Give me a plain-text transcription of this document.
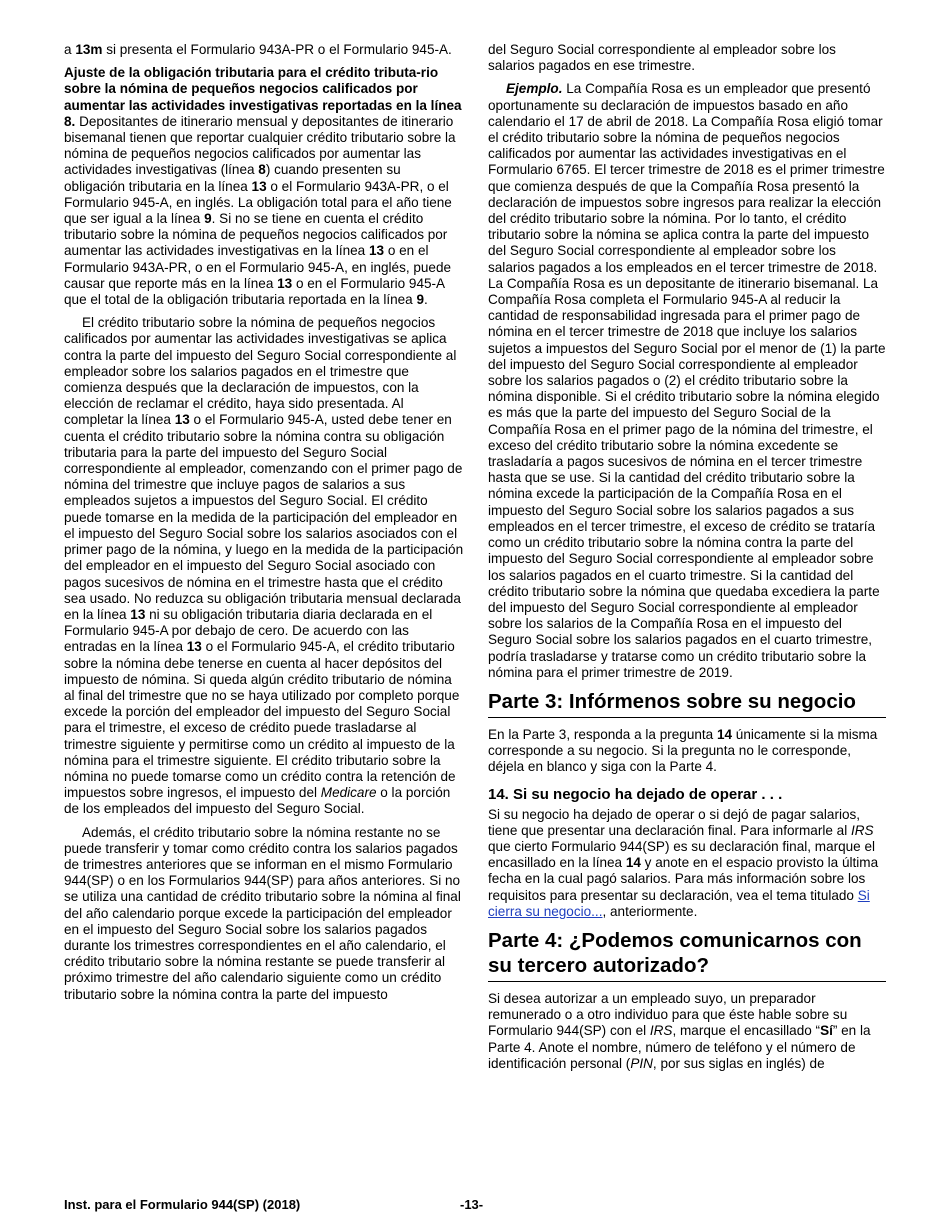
a 13m si presenta el Formulario 943A-PR o el Formulario 945-A.

Ajuste de la obligación tributaria para el crédito tributa-rio sobre la nómina de pequeños negocios calificados por aumentar las actividades investigativas reportadas en la línea 8. Depositantes de itinerario mensual y depositantes de itinerario bisemanal tienen que reportar cualquier crédito tributario sobre la nómina de pequeños negocios calificados por aumentar las actividades investigativas (línea 8) cuando presenten su obligación tributaria en la línea 13 o el Formulario 943A-PR, o el Formulario 945-A, en inglés. La obligación total para el año tiene que ser igual a la línea 9. Si no se tiene en cuenta el crédito tributario sobre la nómina de pequeños negocios calificados por aumentar las actividades investigativas en la línea 13 o en el Formulario 943A-PR, o en el Formulario 945-A, en inglés, puede causar que reporte más en la línea 13 o en el Formulario 945-A que el total de la obligación tributaria reportada en la línea 9.

El crédito tributario sobre la nómina de pequeños negocios calificados por aumentar las actividades investigativas se aplica contra la parte del impuesto del Seguro Social correspondiente al empleador sobre los salarios pagados en el trimestre que comienza después que la declaración de impuestos, con la elección de reclamar el crédito, haya sido presentada. Al completar la línea 13 o el Formulario 945-A, usted debe tener en cuenta el crédito tributario sobre la nómina contra su obligación tributaria para la parte del impuesto del Seguro Social correspondiente al empleador, comenzando con el primer pago de nómina del trimestre que incluye pagos de salarios a sus empleados sujetos a impuestos del Seguro Social. El crédito puede tomarse en la medida de la participación del empleador en el impuesto del Seguro Social sobre los salarios asociados con el primer pago de la nómina, y luego en la medida de la participación del empleador en el impuesto del Seguro Social asociado con pagos sucesivos de nómina en el trimestre hasta que el crédito sea usado. No reduzca su obligación tributaria mensual declarada en la línea 13 ni su obligación tributaria diaria declarada en el Formulario 945-A por debajo de cero. De acuerdo con las entradas en la línea 13 o el Formulario 945-A, el crédito tributario sobre la nómina debe tenerse en cuenta al hacer depósitos del impuesto de nómina. Si queda algún crédito tributario de nómina al final del trimestre que no se haya utilizado por completo porque excede la porción del empleador del impuesto del Seguro Social para el trimestre, el exceso de crédito puede trasladarse al trimestre siguiente y permitirse como un crédito al impuesto de la nómina para el trimestre siguiente. El crédito tributario sobre la nómina no puede tomarse como un crédito contra la retención de impuestos sobre ingresos, el impuesto del Medicare o la porción de los empleados del impuesto del Seguro Social.

Además, el crédito tributario sobre la nómina restante no se puede transferir y tomar como crédito contra los salarios pagados de trimestres anteriores que se informan en el mismo Formulario 944(SP) o en los Formularios 944(SP) para años anteriores. Si no se utiliza una cantidad de crédito tributario sobre la nómina al final del año calendario porque excede la participación del empleador en el impuesto del Seguro Social sobre los salarios pagados durante los trimestres correspondientes en el año calendario, el crédito tributario sobre la nómina restante se puede transferir al próximo trimestre del año calendario siguiente como un crédito tributario sobre la nómina contra la parte del impuesto

del Seguro Social correspondiente al empleador sobre los salarios pagados en ese trimestre.

Ejemplo. La Compañía Rosa es un empleador que presentó oportunamente su declaración de impuestos basado en año calendario el 17 de abril de 2018. La Compañía Rosa eligió tomar el crédito tributario sobre la nómina de pequeños negocios calificados por aumentar las actividades investigativas en el Formulario 6765. El tercer trimestre de 2018 es el primer trimestre que comienza después de que la Compañía Rosa presentó la declaración de impuestos sobre ingresos para realizar la elección del crédito tributario sobre la nómina. Por lo tanto, el crédito tributario sobre la nómina se aplica contra la parte del impuesto del Seguro Social correspondiente al empleador sobre los salarios pagados a los empleados en el tercer trimestre de 2018. La Compañía Rosa es un depositante de itinerario bisemanal. La Compañía Rosa completa el Formulario 945-A al reducir la cantidad de responsabilidad ingresada para el primer pago de nómina en el tercer trimestre de 2018 que incluye los salarios sujetos a impuestos del Seguro Social por el menor de (1) la parte del impuesto del Seguro Social correspondiente al empleador sobre los salarios pagados o (2) el crédito tributario sobre la nómina disponible. Si el crédito tributario sobre la nómina elegido es más que la parte del impuesto del Seguro Social de la Compañía Rosa en el primer pago de la nómina del trimestre, el exceso del crédito tributario sobre la nómina excedente se trasladaría a pagos sucesivos de nómina en el tercer trimestre hasta que se use. Si la cantidad del crédito tributario sobre la nómina excede la participación de la Compañía Rosa en el impuesto del Seguro Social sobre los salarios pagados a sus empleados en el tercer trimestre, el exceso de crédito se trataría como un crédito tributario sobre la nómina contra la parte del impuesto del Seguro Social correspondiente al empleador sobre los salarios pagados en el cuarto trimestre. Si la cantidad del crédito tributario sobre la nómina que quedaba excediera la parte del impuesto del Seguro Social correspondiente al empleador sobre los salarios de la Compañía Rosa en el impuesto del Seguro Social sobre los salarios pagados en el cuarto trimestre, podría trasladarse y tratarse como un crédito tributario sobre la nómina para el primer trimestre de 2019.

Parte 3: Infórmenos sobre su negocio

En la Parte 3, responda a la pregunta 14 únicamente si la misma corresponde a su negocio. Si la pregunta no le corresponde, déjela en blanco y siga con la Parte 4.

14. Si su negocio ha dejado de operar . . .

Si su negocio ha dejado de operar o si dejó de pagar salarios, tiene que presentar una declaración final. Para informarle al IRS que cierto Formulario 944(SP) es su declaración final, marque el encasillado en la línea 14 y anote en el espacio provisto la última fecha en la cual pagó salarios. Para más información sobre los requisitos para presentar su declaración, vea el tema titulado Si cierra su negocio..., anteriormente.

Parte 4: ¿Podemos comunicarnos con su tercero autorizado?

Si desea autorizar a un empleado suyo, un preparador remunerado o a otro individuo para que éste hable sobre su Formulario 944(SP) con el IRS, marque el encasillado “Sí” en la Parte 4. Anote el nombre, número de teléfono y el número de identificación personal (PIN, por sus siglas en inglés) de

Inst. para el Formulario 944(SP) (2018)	-13-
